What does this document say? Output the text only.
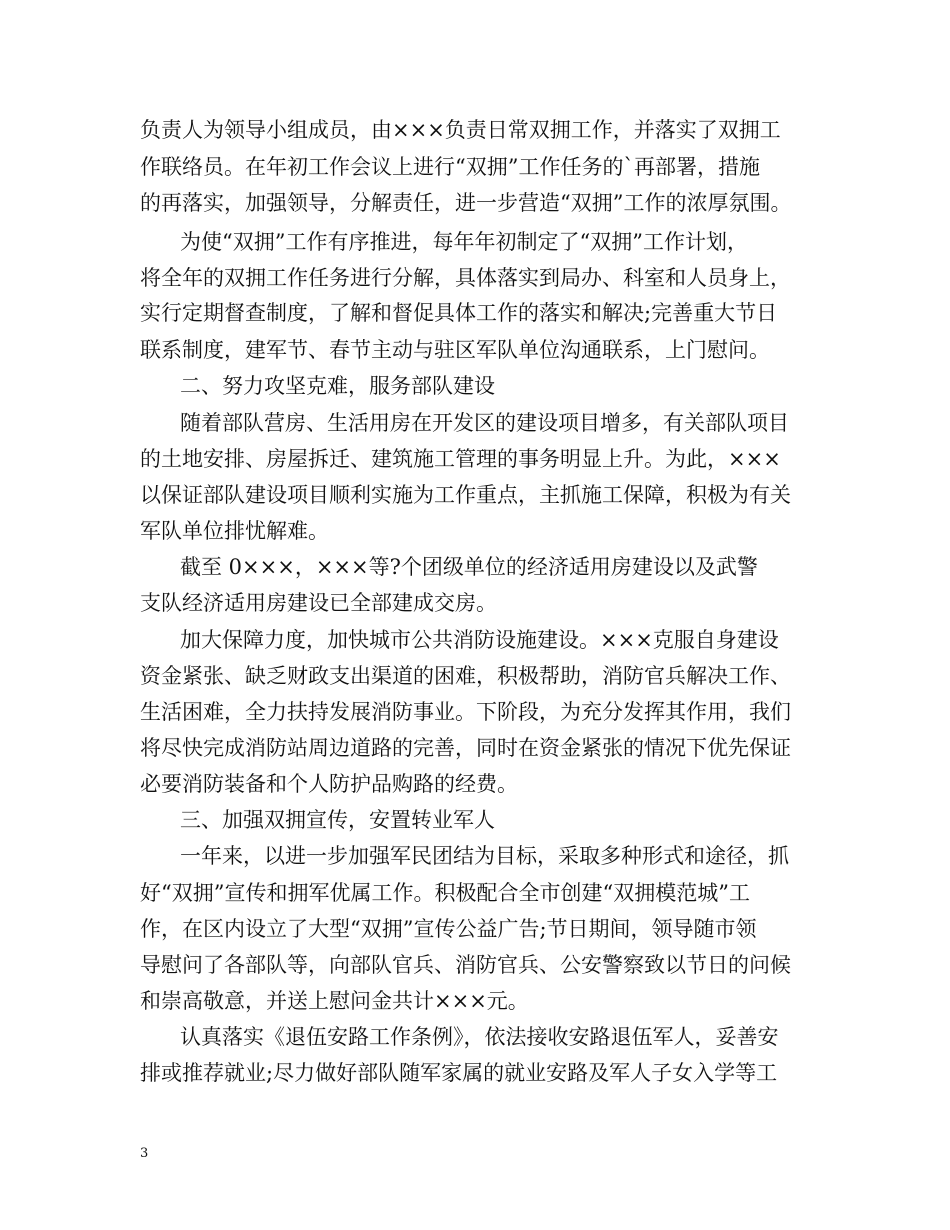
负责人为领导小组成员，由×××负责日常双拥工作，并落实了双拥工
作联络员。在年初工作会议上进行“双拥”工作任务的`再部署，措施
的再落实，加强领导，分解责任，进一步营造“双拥”工作的浓厚氛围。
为使“双拥”工作有序推进，每年年初制定了“双拥”工作计划，
将全年的双拥工作任务进行分解，具体落实到局办、科室和人员身上，
实行定期督查制度，了解和督促具体工作的落实和解决;完善重大节日
联系制度，建军节、春节主动与驻区军队单位沟通联系，上门慰问。
二、努力攻坚克难，服务部队建设
随着部队营房、生活用房在开发区的建设项目增多，有关部队项目
的土地安排、房屋拆迁、建筑施工管理的事务明显上升。为此，×××
以保证部队建设项目顺利实施为工作重点，主抓施工保障，积极为有关
军队单位排忧解难。
截至 0×××，×××等?个团级单位的经济适用房建设以及武警
支队经济适用房建设已全部建成交房。
加大保障力度，加快城市公共消防设施建设。×××克服自身建设
资金紧张、缺乏财政支出渠道的困难，积极帮助，消防官兵解决工作、
生活困难，全力扶持发展消防事业。下阶段，为充分发挥其作用，我们
将尽快完成消防站周边道路的完善，同时在资金紧张的情况下优先保证
必要消防装备和个人防护品购路的经费。
三、加强双拥宣传，安置转业军人
一年来，以进一步加强军民团结为目标，采取多种形式和途径，抓
好“双拥”宣传和拥军优属工作。积极配合全市创建“双拥模范城”工
作，在区内设立了大型“双拥”宣传公益广告;节日期间，领导随市领
导慰问了各部队等，向部队官兵、消防官兵、公安警察致以节日的问候
和崇高敬意，并送上慰问金共计×××元。
认真落实《退伍安路工作条例》，依法接收安路退伍军人，妥善安
排或推荐就业;尽力做好部队随军家属的就业安路及军人子女入学等工
3
